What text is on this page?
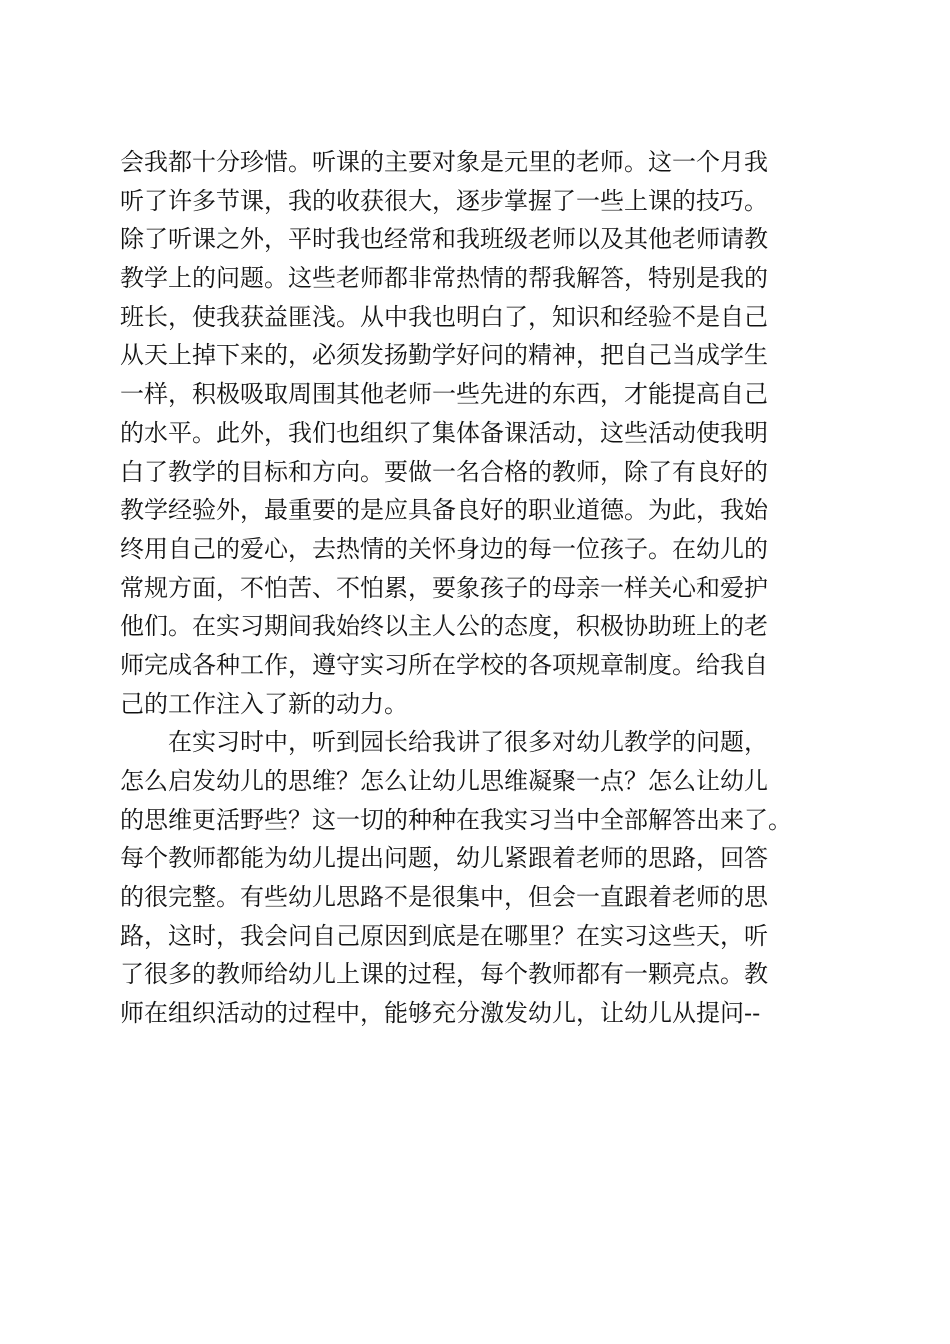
会我都十分珍惜。听课的主要对象是元里的老师。这一个月我
听了许多节课，我的收获很大，逐步掌握了一些上课的技巧。
除了听课之外，平时我也经常和我班级老师以及其他老师请教
教学上的问题。这些老师都非常热情的帮我解答，特别是我的
班长，使我获益匪浅。从中我也明白了，知识和经验不是自己
从天上掉下来的，必须发扬勤学好问的精神，把自己当成学生
一样，积极吸取周围其他老师一些先进的东西，才能提高自己
的水平。此外，我们也组织了集体备课活动，这些活动使我明
白了教学的目标和方向。要做一名合格的教师，除了有良好的
教学经验外，最重要的是应具备良好的职业道德。为此，我始
终用自己的爱心，去热情的关怀身边的每一位孩子。在幼儿的
常规方面，不怕苦、不怕累，要象孩子的母亲一样关心和爱护
他们。在实习期间我始终以主人公的态度，积极协助班上的老
师完成各种工作，遵守实习所在学校的各项规章制度。给我自
己的工作注入了新的动力。
在实习时中，听到园长给我讲了很多对幼儿教学的问题，
怎么启发幼儿的思维？怎么让幼儿思维凝聚一点？怎么让幼儿
的思维更活野些？这一切的种种在我实习当中全部解答出来了。
每个教师都能为幼儿提出问题，幼儿紧跟着老师的思路，回答
的很完整。有些幼儿思路不是很集中，但会一直跟着老师的思
路，这时，我会问自己原因到底是在哪里？在实习这些天，听
了很多的教师给幼儿上课的过程，每个教师都有一颗亮点。教
师在组织活动的过程中，能够充分激发幼儿，让幼儿从提问--
